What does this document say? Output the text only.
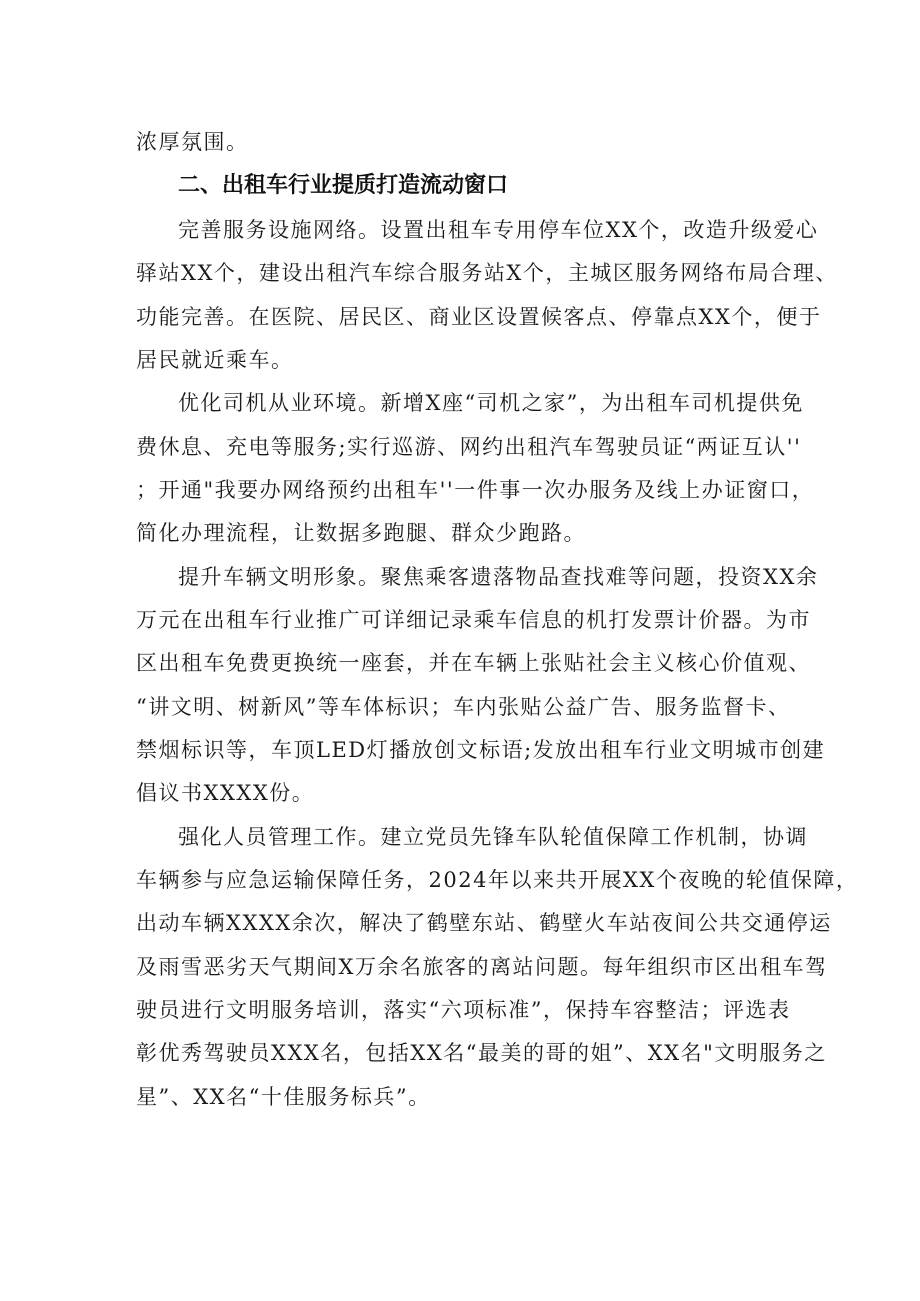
浓厚氛围。
二、出租车行业提质打造流动窗口
完善服务设施网络。设置出租车专用停车位XX个，改造升级爱心
驿站XX个，建设出租汽车综合服务站X个，主城区服务网络布局合理、
功能完善。在医院、居民区、商业区设置候客点、停靠点XX个，便于
居民就近乘车。
优化司机从业环境。新增X座“司机之家”，为出租车司机提供免
费休息、充电等服务;实行巡游、网约出租汽车驾驶员证“两证互认''
；开通"我要办网络预约出租车''一件事一次办服务及线上办证窗口，
简化办理流程，让数据多跑腿、群众少跑路。
提升车辆文明形象。聚焦乘客遗落物品查找难等问题，投资XX余
万元在出租车行业推广可详细记录乘车信息的机打发票计价器。为市
区出租车免费更换统一座套，并在车辆上张贴社会主义核心价值观、
“讲文明、树新风”等车体标识；车内张贴公益广告、服务监督卡、
禁烟标识等，车顶LED灯播放创文标语;发放出租车行业文明城市创建
倡议书XXXX份。
强化人员管理工作。建立党员先锋车队轮值保障工作机制，协调
车辆参与应急运输保障任务，2024年以来共开展XX个夜晚的轮值保障，
出动车辆XXXX余次，解决了鹤壁东站、鹤壁火车站夜间公共交通停运
及雨雪恶劣天气期间X万余名旅客的离站问题。每年组织市区出租车驾
驶员进行文明服务培训，落实“六项标准”，保持车容整洁；评选表
彰优秀驾驶员XXX名，包括XX名“最美的哥的姐”、XX名"文明服务之
星”、XX名“十佳服务标兵”。
